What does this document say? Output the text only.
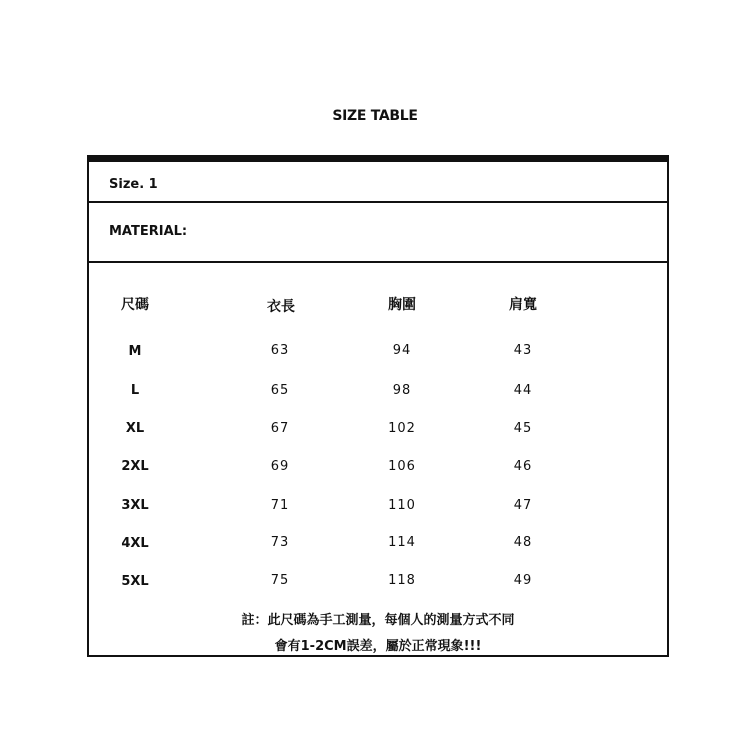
SIZE TABLE
Size. 1
MATERIAL:
尺碼	衣長	胸圍	肩寬
M	63	94	43
L	65	98	44
XL	67	102	45
2XL	69	106	46
3XL	71	110	47
4XL	73	114	48
5XL	75	118	49
註：此尺碼為手工測量，每個人的測量方式不同
會有1-2CM誤差，屬於正常現象!!!
